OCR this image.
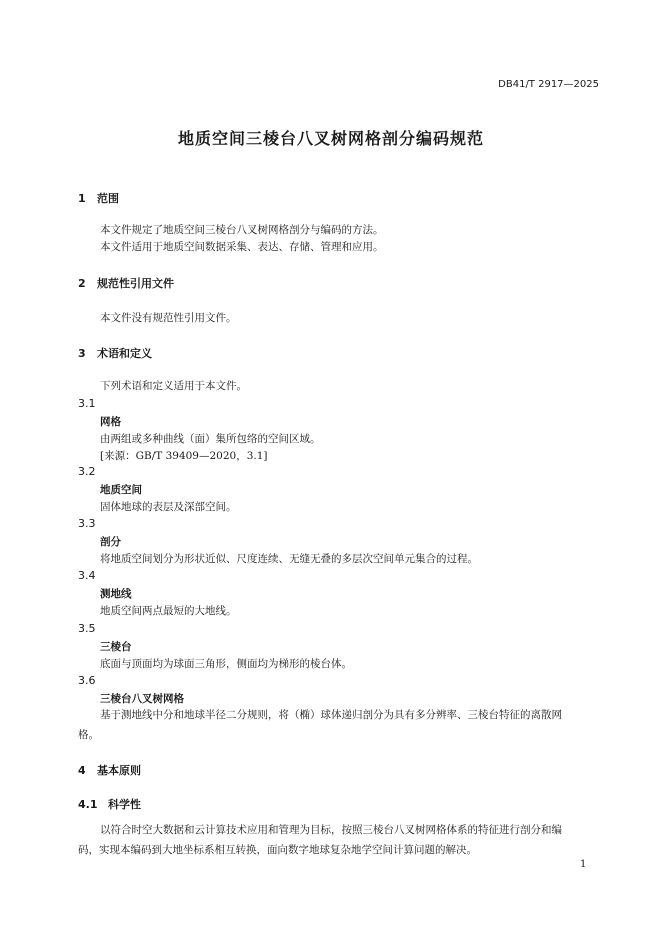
DB41/T 2917—2025
地质空间三棱台八叉树网格剖分编码规范
1 范围
本文件规定了地质空间三棱台八叉树网格剖分与编码的方法。
本文件适用于地质空间数据采集、表达、存储、管理和应用。
2 规范性引用文件
本文件没有规范性引用文件。
3 术语和定义
下列术语和定义适用于本文件。
3.1
网格
由两组或多种曲线（面）集所包络的空间区域。
[来源：GB/T 39409—2020，3.1]
3.2
地质空间
固体地球的表层及深部空间。
3.3
剖分
将地质空间划分为形状近似、尺度连续、无缝无叠的多层次空间单元集合的过程。
3.4
测地线
地质空间两点最短的大地线。
3.5
三棱台
底面与顶面均为球面三角形，侧面均为梯形的棱台体。
3.6
三棱台八叉树网格
基于测地线中分和地球半径二分规则，将（椭）球体递归剖分为具有多分辨率、三棱台特征的离散网格。
4 基本原则
4.1 科学性
以符合时空大数据和云计算技术应用和管理为目标，按照三棱台八叉树网格体系的特征进行剖分和编码，实现本编码到大地坐标系相互转换，面向数字地球复杂地学空间计算问题的解决。
1
